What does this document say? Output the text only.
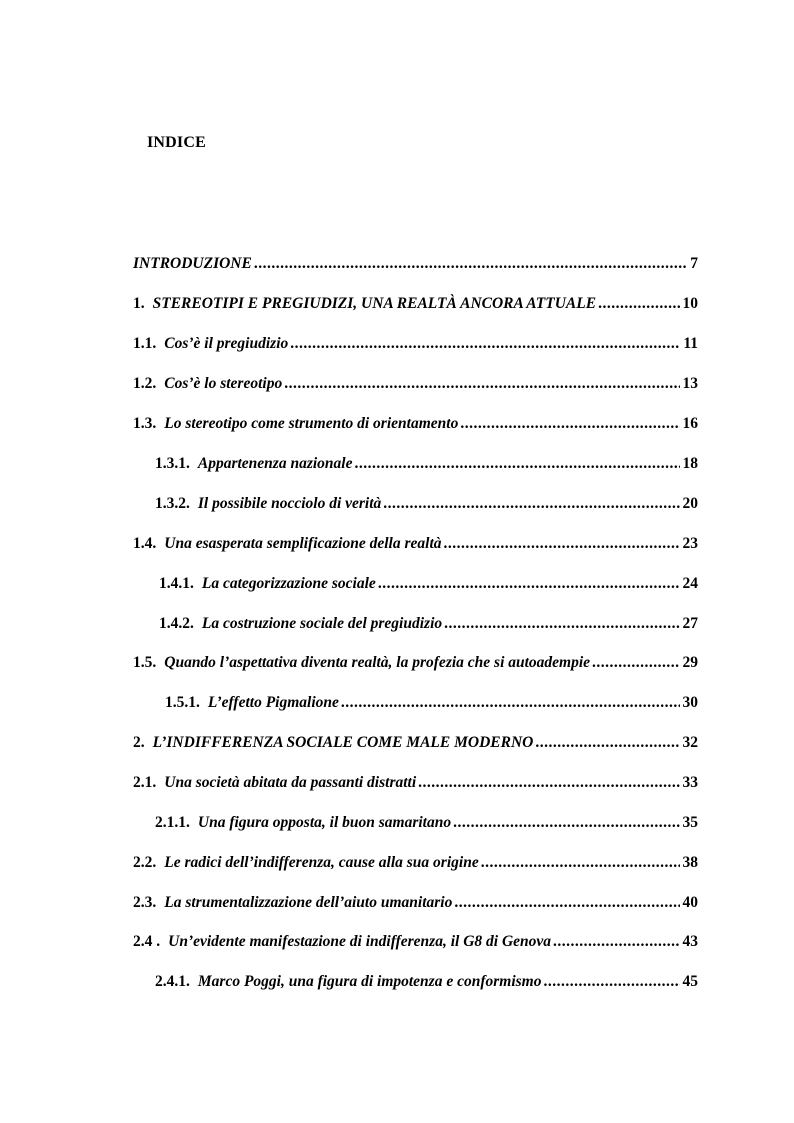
INDICE
INTRODUZIONE .....	7
1. STEREOTIPI E PREGIUDIZI, UNA REALTÀ ANCORA ATTUALE .....	10
1.1. Cos’è il pregiudizio .....	11
1.2. Cos’è lo stereotipo .....	13
1.3. Lo stereotipo come strumento di orientamento .....	16
1.3.1. Appartenenza nazionale .....	18
1.3.2. Il possibile nocciolo di verità .....	20
1.4. Una esasperata semplificazione della realtà .....	23
1.4.1. La categorizzazione sociale .....	24
1.4.2. La costruzione sociale del pregiudizio .....	27
1.5. Quando l’aspettativa diventa realtà, la profezia che si autoadempie .....	29
1.5.1. L’effetto Pigmalione .....	30
2. L’INDIFFERENZA SOCIALE COME MALE MODERNO .....	32
2.1. Una società abitata da passanti distratti .....	33
2.1.1. Una figura opposta, il buon samaritano .....	35
2.2. Le radici dell’indifferenza, cause alla sua origine .....	38
2.3. La strumentalizzazione dell’aiuto umanitario .....	40
2.4 . Un’evidente manifestazione di indifferenza, il G8 di Genova .....	43
2.4.1. Marco Poggi, una figura di impotenza e conformismo .....	45
